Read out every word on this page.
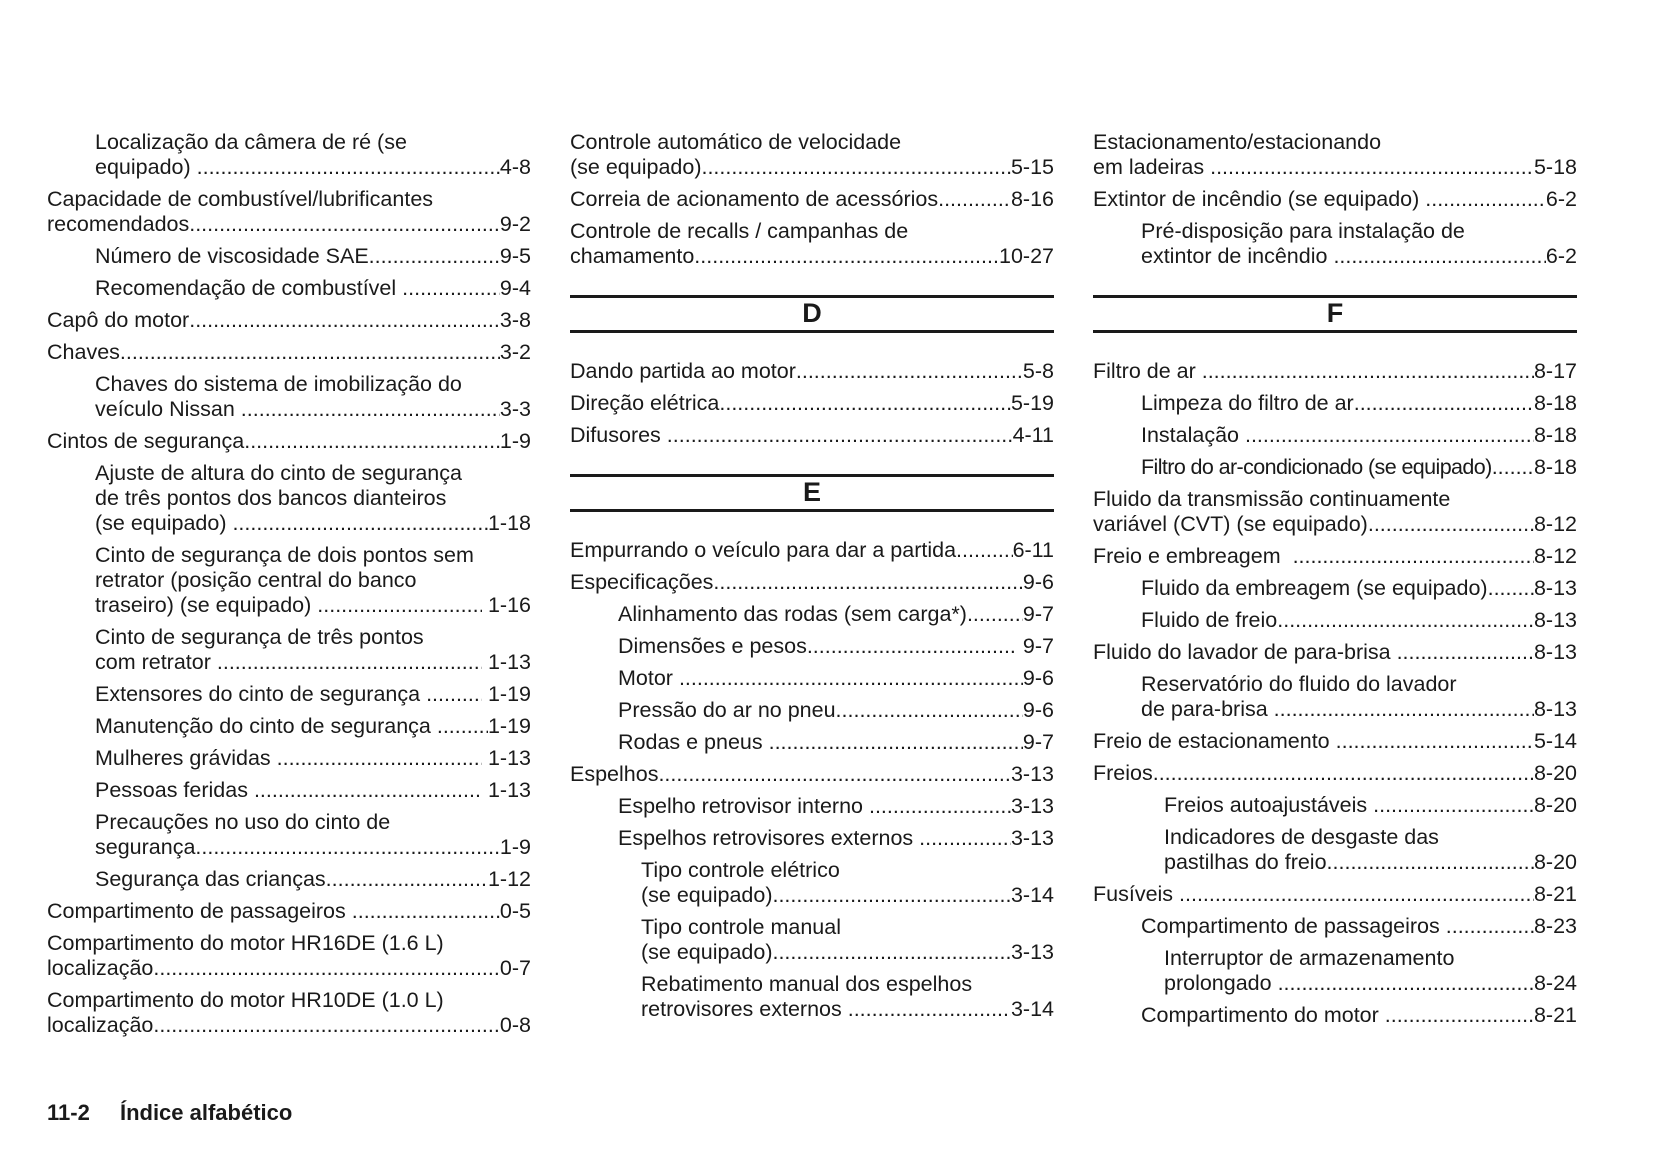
Localização da câmera de ré (se
equipado) .....	4-8
Capacidade de combustível/lubrificantes
recomendados .....	9-2
Número de viscosidade SAE .....	9-5
Recomendação de combustível .....	9-4
Capô do motor .....	3-8
Chaves .....	3-2
Chaves do sistema de imobilização do
veículo Nissan .....	3-3
Cintos de segurança .....	1-9
Ajuste de altura do cinto de segurança
de três pontos dos bancos dianteiros
(se equipado) .....	1-18
Cinto de segurança de dois pontos sem
retrator (posição central do banco
traseiro) (se equipado) .....	1-16
Cinto de segurança de três pontos
com retrator .....	1-13
Extensores do cinto de segurança .....	1-19
Manutenção do cinto de segurança ..... 1-19
Mulheres grávidas .....	1-13
Pessoas feridas .....	1-13
Precauções no uso do cinto de
segurança .....	1-9
Segurança das crianças .....	1-12
Compartimento de passageiros .....	0-5
Compartimento do motor HR16DE (1.6 L)
localização .....	0-7
Compartimento do motor HR10DE (1.0 L)
localização .....	0-8
Controle automático de velocidade
(se equipado) .....	5-15
Correia de acionamento de acessórios .....	8-16
Controle de recalls / campanhas de
chamamento .....	10-27
D
Dando partida ao motor .....	5-8
Direção elétrica .....	5-19
Difusores .....	4-11
E
Empurrando o veículo para dar a partida .....	6-11
Especificações .....	9-6
Alinhamento das rodas (sem carga*) .....	9-7
Dimensões e pesos .....	9-7
Motor .....	9-6
Pressão do ar no pneu .....	9-6
Rodas e pneus .....	9-7
Espelhos .....	3-13
Espelho retrovisor interno .....	3-13
Espelhos retrovisores externos .....	3-13
Tipo controle elétrico
(se equipado) .....	3-14
Tipo controle manual
(se equipado) .....	3-13
Rebatimento manual dos espelhos
retrovisores externos .....	3-14
Estacionamento/estacionando
em ladeiras .....	5-18
Extintor de incêndio (se equipado) .....	6-2
Pré-disposição para instalação de
extintor de incêndio .....	6-2
F
Filtro de ar .....	8-17
Limpeza do filtro de ar .....	8-18
Instalação .....	8-18
Filtro do ar-condicionado (se equipado) ..... 8-18
Fluido da transmissão continuamente
variável (CVT) (se equipado) .....	8-12
Freio e embreagem .....	8-12
Fluido da embreagem (se equipado) ..... 8-13
Fluido de freio .....	8-13
Fluido do lavador de para-brisa .....	8-13
Reservatório do fluido do lavador
de para-brisa .....	8-13
Freio de estacionamento .....	5-14
Freios .....	8-20
Freios autoajustáveis .....	8-20
Indicadores de desgaste das
pastilhas do freio .....	8-20
Fusíveis .....	8-21
Compartimento de passageiros .....	8-23
Interruptor de armazenamento
prolongado .....	8-24
Compartimento do motor .....	8-21
11-2 Índice alfabético
